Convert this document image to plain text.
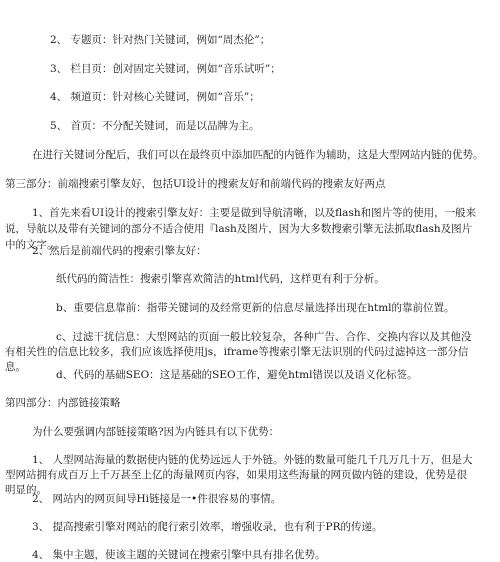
2、 专题页：针对热门关键词，例如“周杰伦”；
3、 栏目页：创对固定关键词，例如“音乐试听”；
4、 频道页：针对核心关键词，例如“音乐”；
5、 首页：不分配关键词，而是以品牌为主。
在进行关键词分配后，我们可以在最终页中添加匹配的内链作为辅助，这是大型网站内链的优势。
第三部分：前端搜索引擎友好，包括UI设计的搜索友好和前端代码的搜索友好两点
1、首先来看UI设计的搜索引擎友好：主要是做到导航清晰，以及flash和图片等的使用，一般来说，导航以及带有关键词的部分不适合使用『lash及图片，因为大多数搜索引擎无法抓取flash及图片中的文字。
2、然后是前端代码的搜索引擎友好：
纸代码的简洁性：搜索引擎喜欢简洁的html代码，这样更有利于分析。
b、重要信息靠前：指带关键词的及经常更新的信息尽量选择出现在html的靠前位置。
c、过滤干扰信息：大型网站的页面一般比较复杂，各种广告、合作、交换内容以及其他没有相关性的信息比较多，我们应该选择使用js，iframe等搜索引擎无法识别的代码过滤掉这一部分信息。
d、代码的基础SEO：这是基础的SEO工作，避免html错误以及语义化标签。
第四部分：内部链接策略
为什么要强调内部链接策略?因为内链具有以下优势：
1、 人型网站海量的数据使内链的优势远远人于外链。外链的数量可能几千几万几十万，但是大型网站拥有成百万上千万甚至上亿的海量网页内容，如果用这些海量的网页做内链的建设，优势是很明显的。
2、 网站内的网页间导Hi链接是一•件很容易的事情。
3、 提高搜索引擎对网站的爬行索引效率，增强收录，也有利于PR的传递。
4、 集中主题，使该主题的关键词在搜索引擎中具有排名优势。
